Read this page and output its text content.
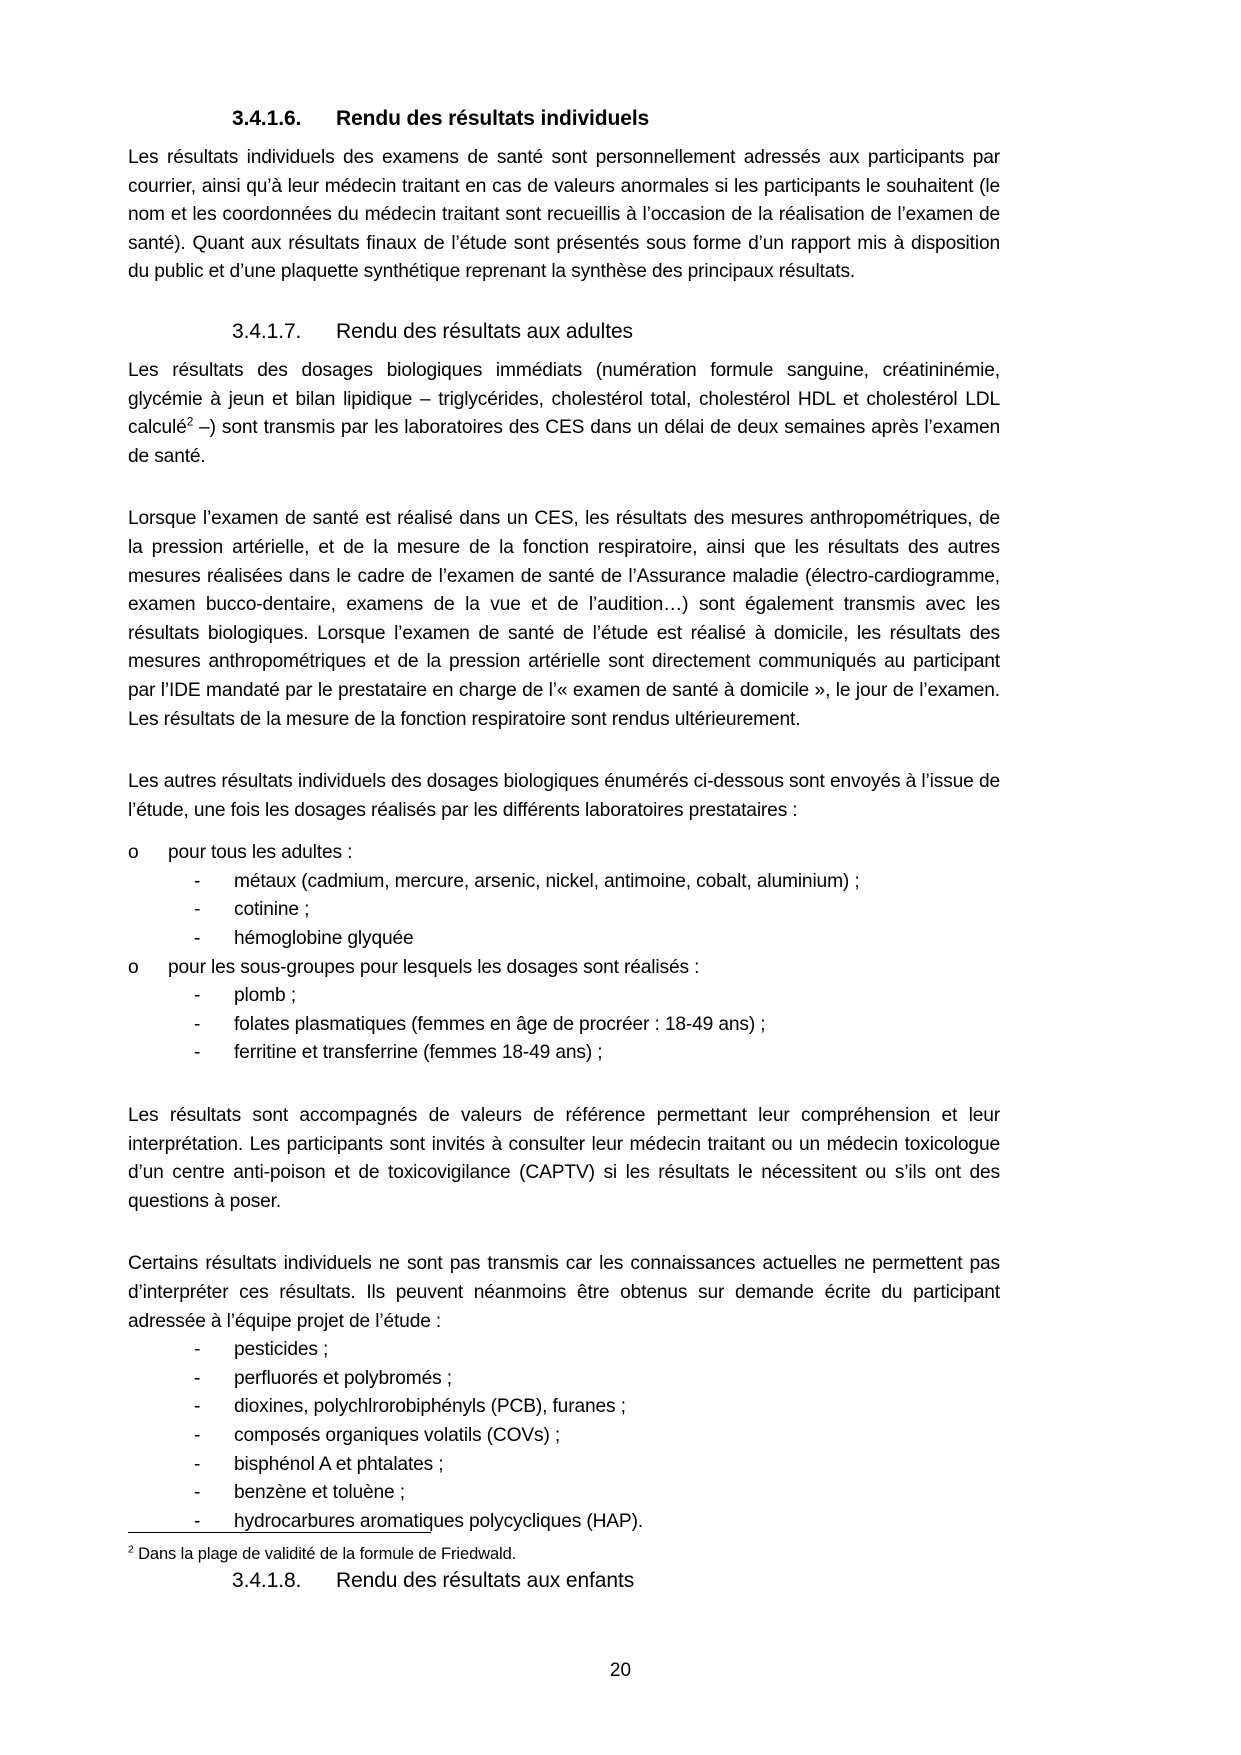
3.4.1.6. Rendu des résultats individuels

Les résultats individuels des examens de santé sont personnellement adressés aux participants par courrier, ainsi qu’à leur médecin traitant en cas de valeurs anormales si les participants le souhaitent (le nom et les coordonnées du médecin traitant sont recueillis à l’occasion de la réalisation de l’examen de santé). Quant aux résultats finaux de l’étude sont présentés sous forme d’un rapport mis à disposition du public et d’une plaquette synthétique reprenant la synthèse des principaux résultats.

3.4.1.7. Rendu des résultats aux adultes

Les résultats des dosages biologiques immédiats (numération formule sanguine, créatininémie, glycémie à jeun et bilan lipidique – triglycérides, cholestérol total, cholestérol HDL et cholestérol LDL calculé$^2$ –) sont transmis par les laboratoires des CES dans un délai de deux semaines après l’examen de santé.

Lorsque l’examen de santé est réalisé dans un CES, les résultats des mesures anthropométriques, de la pression artérielle, et de la mesure de la fonction respiratoire, ainsi que les résultats des autres mesures réalisées dans le cadre de l’examen de santé de l’Assurance maladie (électro-cardiogramme, examen bucco-dentaire, examens de la vue et de l’audition…) sont également transmis avec les résultats biologiques. Lorsque l’examen de santé de l’étude est réalisé à domicile, les résultats des mesures anthropométriques et de la pression artérielle sont directement communiqués au participant par l’IDE mandaté par le prestataire en charge de l’« examen de santé à domicile », le jour de l’examen. Les résultats de la mesure de la fonction respiratoire sont rendus ultérieurement.

Les autres résultats individuels des dosages biologiques énumérés ci-dessous sont envoyés à l’issue de l’étude, une fois les dosages réalisés par les différents laboratoires prestataires :

o	pour tous les adultes :
-	métaux (cadmium, mercure, arsenic, nickel, antimoine, cobalt, aluminium) ;
-	cotinine ;
-	hémoglobine glyquée
o	pour les sous-groupes pour lesquels les dosages sont réalisés :
-	plomb ;
-	folates plasmatiques (femmes en âge de procréer : 18-49 ans) ;
-	ferritine et transferrine (femmes 18-49 ans) ;

Les résultats sont accompagnés de valeurs de référence permettant leur compréhension et leur interprétation. Les participants sont invités à consulter leur médecin traitant ou un médecin toxicologue d’un centre anti-poison et de toxicovigilance (CAPTV) si les résultats le nécessitent ou s’ils ont des questions à poser.

Certains résultats individuels ne sont pas transmis car les connaissances actuelles ne permettent pas d’interpréter ces résultats. Ils peuvent néanmoins être obtenus sur demande écrite du participant adressée à l’équipe projet de l’étude :

-	pesticides ;
-	perfluorés et polybromés ;
-	dioxines, polychlrorobiphényls (PCB), furanes ;
-	composés organiques volatils (COVs) ;
-	bisphénol A et phtalates ;
-	benzène et toluène ;
-	hydrocarbures aromatiques polycycliques (HAP).
3.4.1.8. Rendu des résultats aux enfants
$^2$ Dans la plage de validité de la formule de Friedwald.
20
